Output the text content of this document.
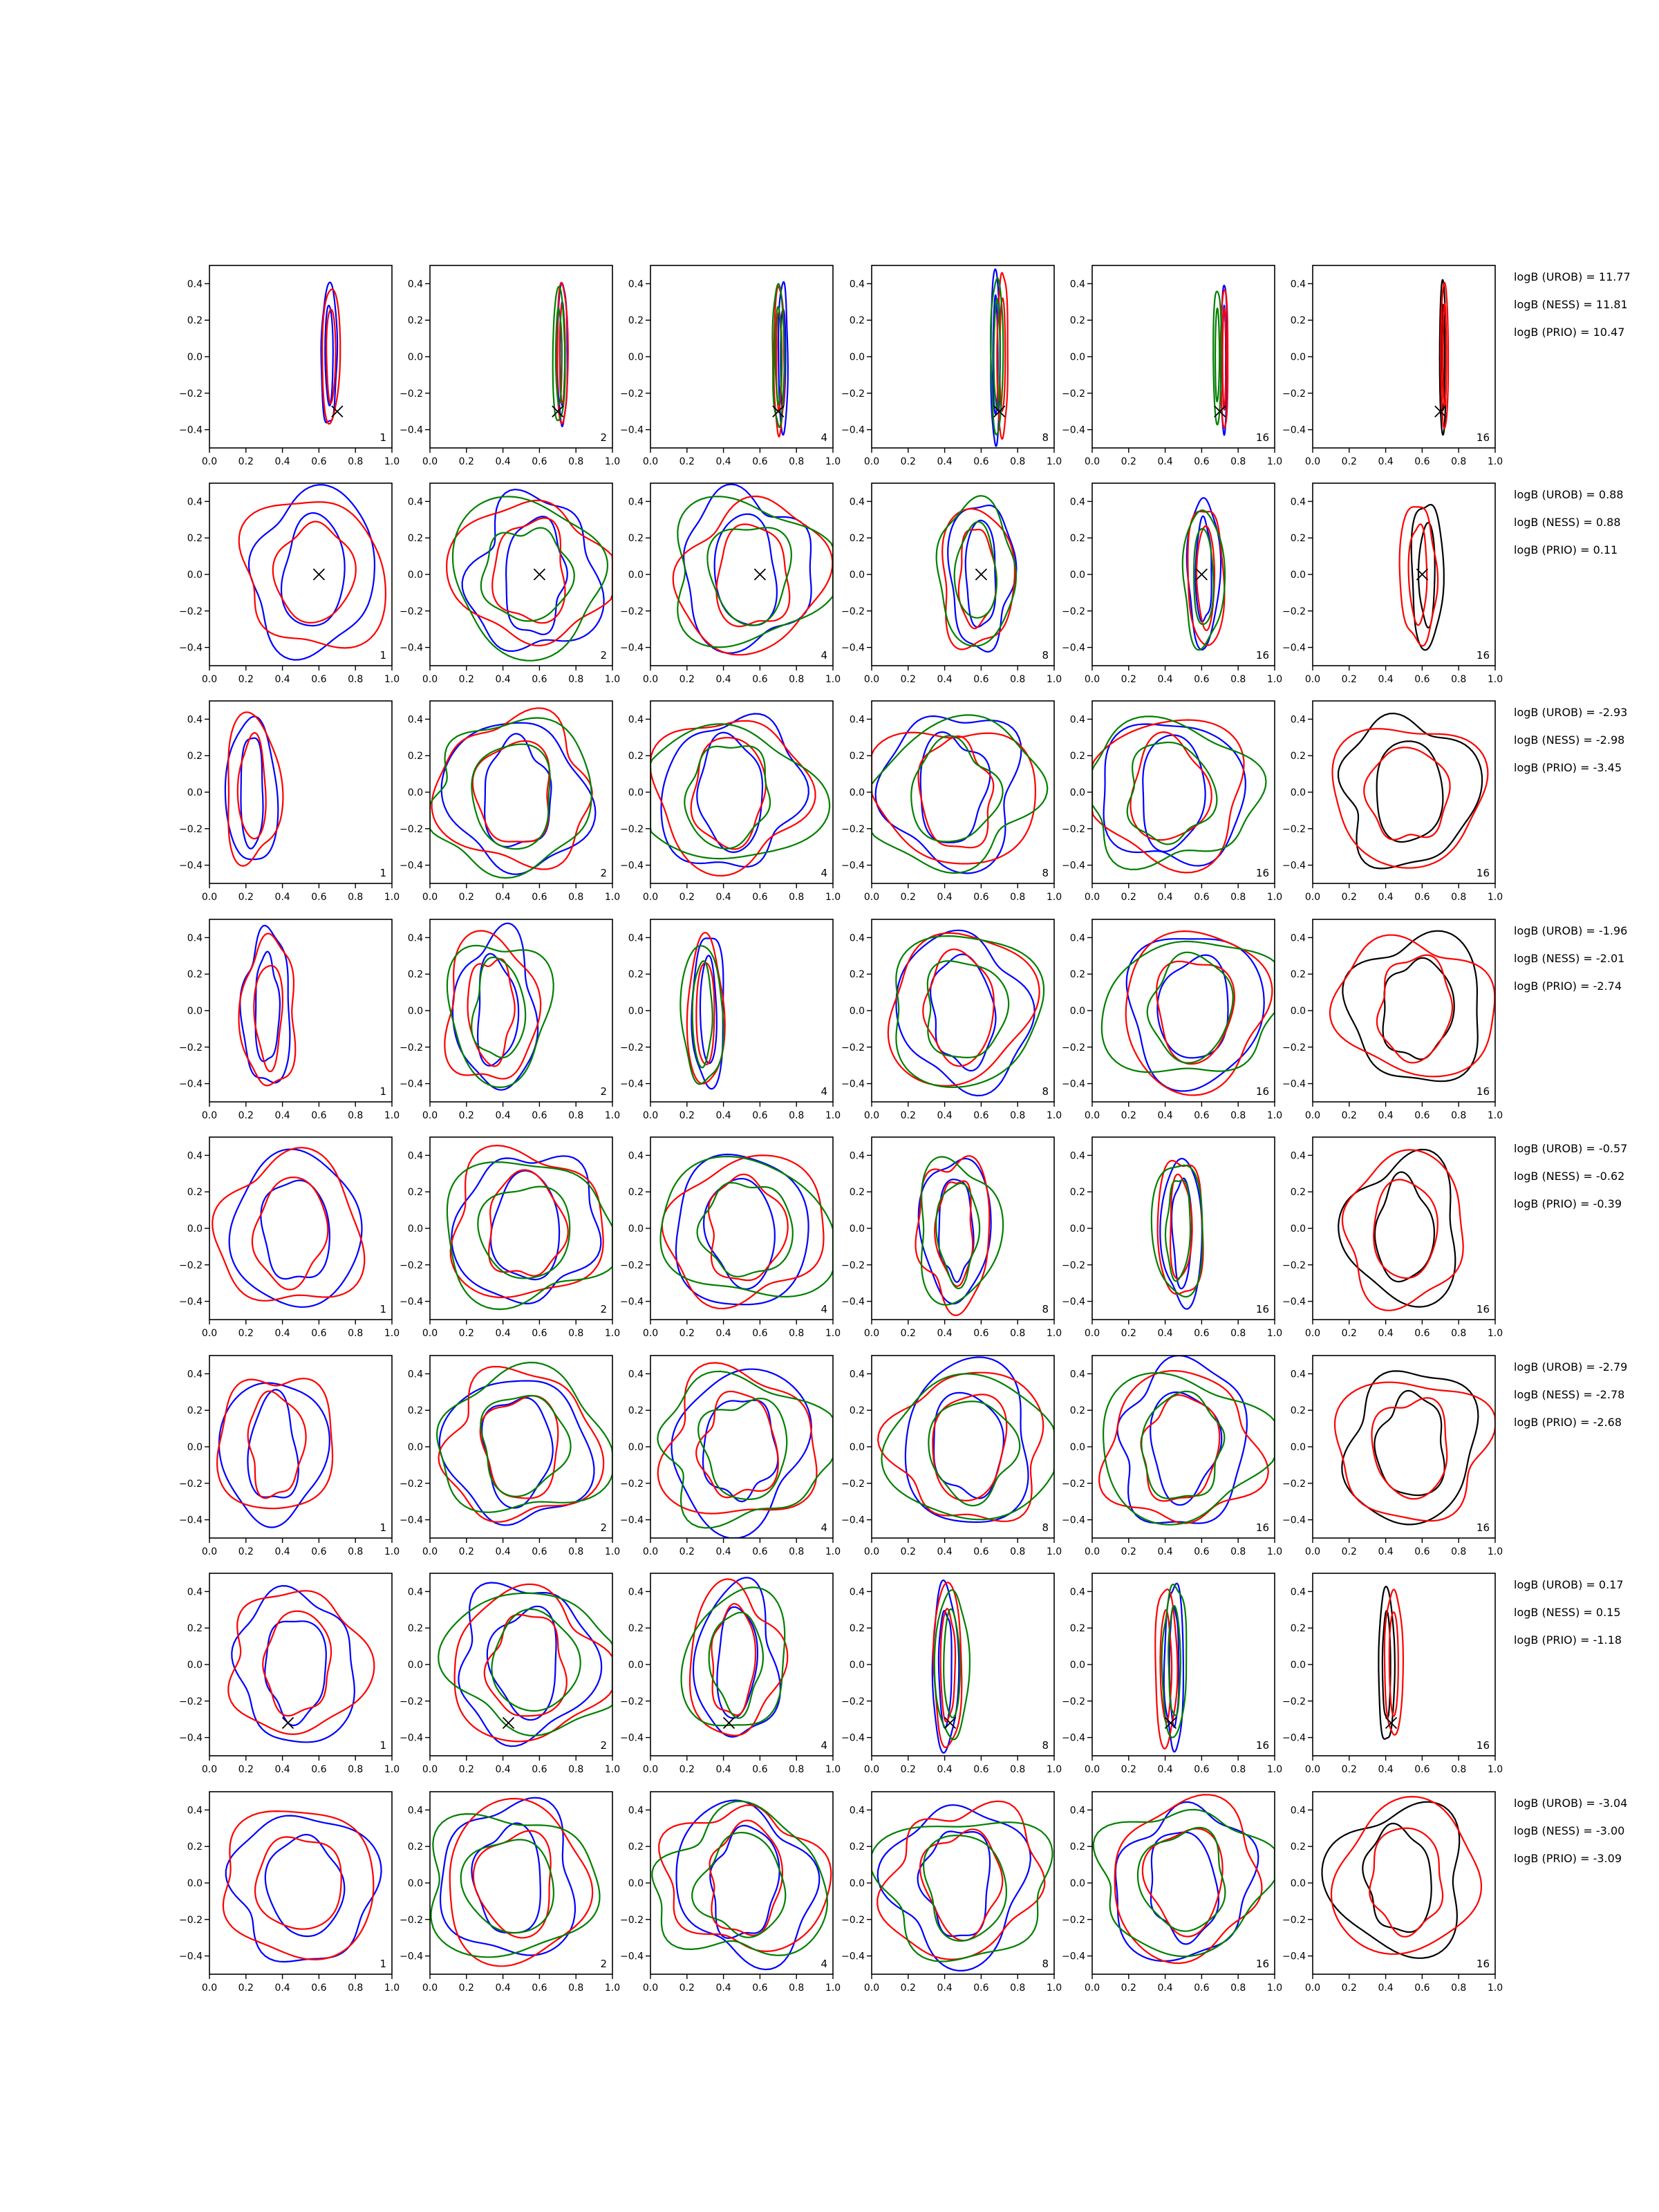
0.0 0.2 0.4 0.6 0.8 1.0
−0.4
−0.2
0.0
0.2
0.4
1
0.0 0.2 0.4 0.6 0.8 1.0
−0.4
−0.2
0.0
0.2
0.4
2
0.0 0.2 0.4 0.6 0.8 1.0
−0.4
−0.2
0.0
0.2
0.4
4
0.0 0.2 0.4 0.6 0.8 1.0
−0.4
−0.2
0.0
0.2
0.4
8
0.0 0.2 0.4 0.6 0.8 1.0
−0.4
−0.2
0.0
0.2
0.4
16
0.0 0.2 0.4 0.6 0.8 1.0
−0.4
−0.2
0.0
0.2
0.4
16
logB (UROB) = 11.77
logB (NESS) = 11.81
logB (PRIO) = 10.47
0.0 0.2 0.4 0.6 0.8 1.0
−0.4
−0.2
0.0
0.2
0.4
1
0.0 0.2 0.4 0.6 0.8 1.0
−0.4
−0.2
0.0
0.2
0.4
2
0.0 0.2 0.4 0.6 0.8 1.0
−0.4
−0.2
0.0
0.2
0.4
4
0.0 0.2 0.4 0.6 0.8 1.0
−0.4
−0.2
0.0
0.2
0.4
8
0.0 0.2 0.4 0.6 0.8 1.0
−0.4
−0.2
0.0
0.2
0.4
16
0.0 0.2 0.4 0.6 0.8 1.0
−0.4
−0.2
0.0
0.2
0.4
16
logB (UROB) = 0.88
logB (NESS) = 0.88
logB (PRIO) = 0.11
0.0 0.2 0.4 0.6 0.8 1.0
−0.4
−0.2
0.0
0.2
0.4
1
0.0 0.2 0.4 0.6 0.8 1.0
−0.4
−0.2
0.0
0.2
0.4
2
0.0 0.2 0.4 0.6 0.8 1.0
−0.4
−0.2
0.0
0.2
0.4
4
0.0 0.2 0.4 0.6 0.8 1.0
−0.4
−0.2
0.0
0.2
0.4
8
0.0 0.2 0.4 0.6 0.8 1.0
−0.4
−0.2
0.0
0.2
0.4
16
0.0 0.2 0.4 0.6 0.8 1.0
−0.4
−0.2
0.0
0.2
0.4
16
logB (UROB) = -2.93
logB (NESS) = -2.98
logB (PRIO) = -3.45
0.0 0.2 0.4 0.6 0.8 1.0
−0.4
−0.2
0.0
0.2
0.4
1
0.0 0.2 0.4 0.6 0.8 1.0
−0.4
−0.2
0.0
0.2
0.4
2
0.0 0.2 0.4 0.6 0.8 1.0
−0.4
−0.2
0.0
0.2
0.4
4
0.0 0.2 0.4 0.6 0.8 1.0
−0.4
−0.2
0.0
0.2
0.4
8
0.0 0.2 0.4 0.6 0.8 1.0
−0.4
−0.2
0.0
0.2
0.4
16
0.0 0.2 0.4 0.6 0.8 1.0
−0.4
−0.2
0.0
0.2
0.4
16
logB (UROB) = -1.96
logB (NESS) = -2.01
logB (PRIO) = -2.74
0.0 0.2 0.4 0.6 0.8 1.0
−0.4
−0.2
0.0
0.2
0.4
1
0.0 0.2 0.4 0.6 0.8 1.0
−0.4
−0.2
0.0
0.2
0.4
2
0.0 0.2 0.4 0.6 0.8 1.0
−0.4
−0.2
0.0
0.2
0.4
4
0.0 0.2 0.4 0.6 0.8 1.0
−0.4
−0.2
0.0
0.2
0.4
8
0.0 0.2 0.4 0.6 0.8 1.0
−0.4
−0.2
0.0
0.2
0.4
16
0.0 0.2 0.4 0.6 0.8 1.0
−0.4
−0.2
0.0
0.2
0.4
16
logB (UROB) = -0.57
logB (NESS) = -0.62
logB (PRIO) = -0.39
0.0 0.2 0.4 0.6 0.8 1.0
−0.4
−0.2
0.0
0.2
0.4
1
0.0 0.2 0.4 0.6 0.8 1.0
−0.4
−0.2
0.0
0.2
0.4
2
0.0 0.2 0.4 0.6 0.8 1.0
−0.4
−0.2
0.0
0.2
0.4
4
0.0 0.2 0.4 0.6 0.8 1.0
−0.4
−0.2
0.0
0.2
0.4
8
0.0 0.2 0.4 0.6 0.8 1.0
−0.4
−0.2
0.0
0.2
0.4
16
0.0 0.2 0.4 0.6 0.8 1.0
−0.4
−0.2
0.0
0.2
0.4
16
logB (UROB) = -2.79
logB (NESS) = -2.78
logB (PRIO) = -2.68
0.0 0.2 0.4 0.6 0.8 1.0
−0.4
−0.2
0.0
0.2
0.4
1
0.0 0.2 0.4 0.6 0.8 1.0
−0.4
−0.2
0.0
0.2
0.4
2
0.0 0.2 0.4 0.6 0.8 1.0
−0.4
−0.2
0.0
0.2
0.4
4
0.0 0.2 0.4 0.6 0.8 1.0
−0.4
−0.2
0.0
0.2
0.4
8
0.0 0.2 0.4 0.6 0.8 1.0
−0.4
−0.2
0.0
0.2
0.4
16
0.0 0.2 0.4 0.6 0.8 1.0
−0.4
−0.2
0.0
0.2
0.4
16
logB (UROB) = 0.17
logB (NESS) = 0.15
logB (PRIO) = -1.18
0.0 0.2 0.4 0.6 0.8 1.0
−0.4
−0.2
0.0
0.2
0.4
1
0.0 0.2 0.4 0.6 0.8 1.0
−0.4
−0.2
0.0
0.2
0.4
2
0.0 0.2 0.4 0.6 0.8 1.0
−0.4
−0.2
0.0
0.2
0.4
4
0.0 0.2 0.4 0.6 0.8 1.0
−0.4
−0.2
0.0
0.2
0.4
8
0.0 0.2 0.4 0.6 0.8 1.0
−0.4
−0.2
0.0
0.2
0.4
16
0.0 0.2 0.4 0.6 0.8 1.0
−0.4
−0.2
0.0
0.2
0.4
16
logB (UROB) = -3.04
logB (NESS) = -3.00
logB (PRIO) = -3.09
